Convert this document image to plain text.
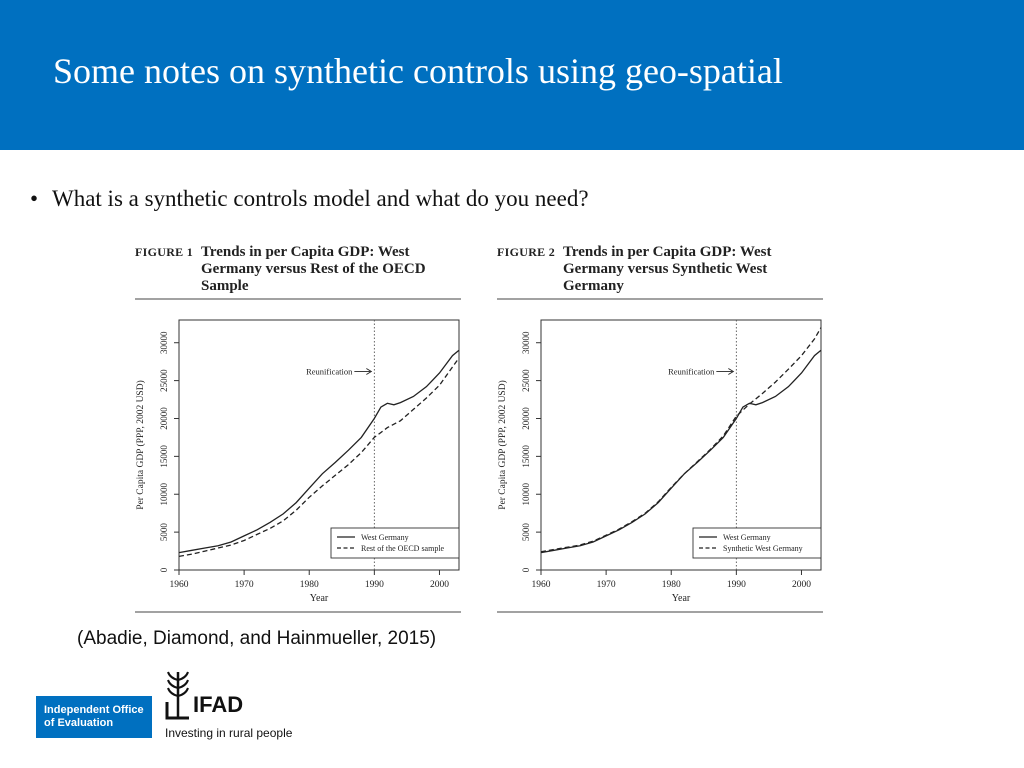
Some notes on synthetic controls using geo-spatial
• What is a synthetic controls model and what do you need?
FIGURE 1 Trends in per Capita GDP: West Germany versus Rest of the OECD Sample
0
5000
10000
15000
20000
25000
30000
1960	1970	1980	1990	2000
Year
Per Capita GDP (PPP, 2002 USD)
Reunification
West Germany
Rest of the OECD sample
FIGURE 2 Trends in per Capita GDP: West Germany versus Synthetic West Germany
0
5000
10000
15000
20000
25000
30000
1960	1970	1980	1990	2000
Year
Per Capita GDP (PPP, 2002 USD)
Reunification
West Germany
Synthetic West Germany
(Abadie, Diamond, and Hainmueller, 2015)
Independent Office of Evaluation
IFAD
Investing in rural people
